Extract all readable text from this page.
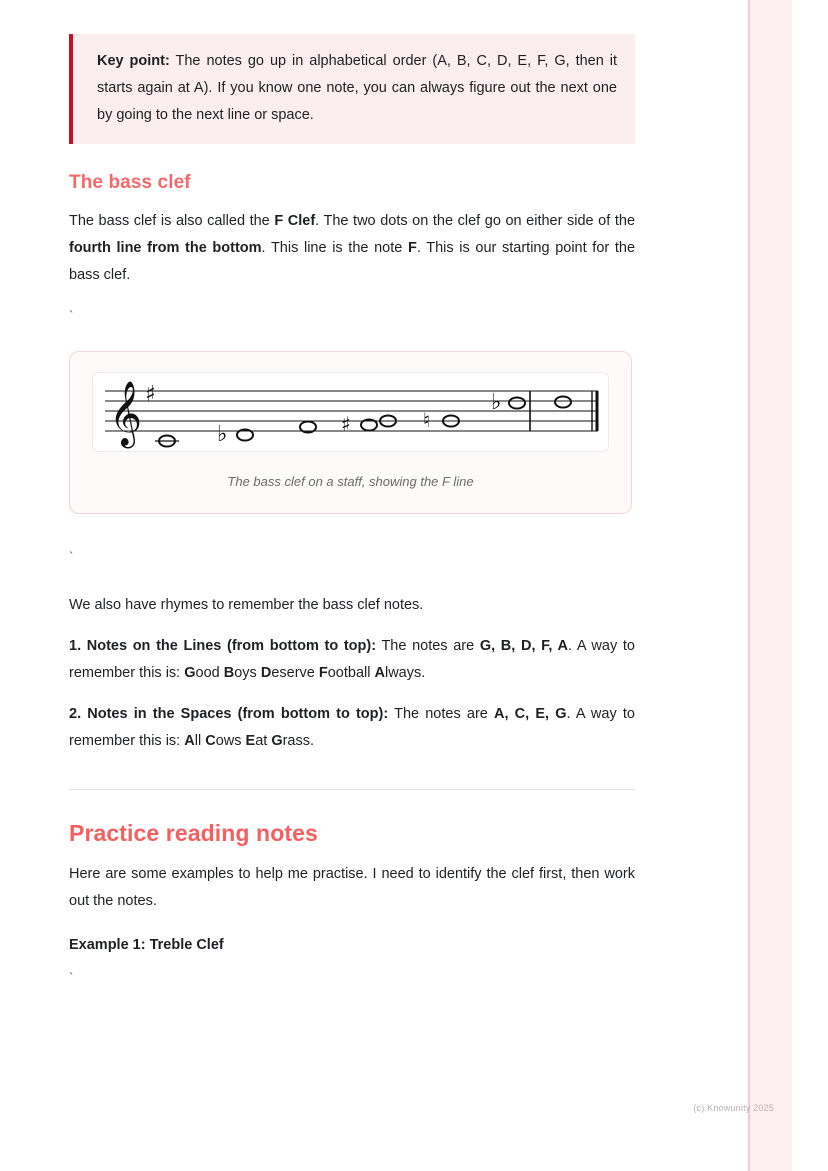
(c) Knowunity 2025

Key point: The notes go up in alphabetical order (A, B, C, D, E, F, G, then it starts again at A). If you know one note, you can always figure out the next one by going to the next line or space.

The bass clef

The bass clef is also called the F Clef. The two dots on the clef go on either side of the fourth line from the bottom. This line is the note F. This is our starting point for the bass clef.

`

𝄞 ♯
♭	♯	♮
♭
The bass clef on a staff, showing the F line

`

We also have rhymes to remember the bass clef notes.

1. Notes on the Lines (from bottom to top): The notes are G, B, D, F, A. A way to remember this is: Good Boys Deserve Football Always.

2. Notes in the Spaces (from bottom to top): The notes are A, C, E, G. A way to remember this is: All Cows Eat Grass.

Practice reading notes

Here are some examples to help me practise. I need to identify the clef first, then work out the notes.

Example 1: Treble Clef

`
